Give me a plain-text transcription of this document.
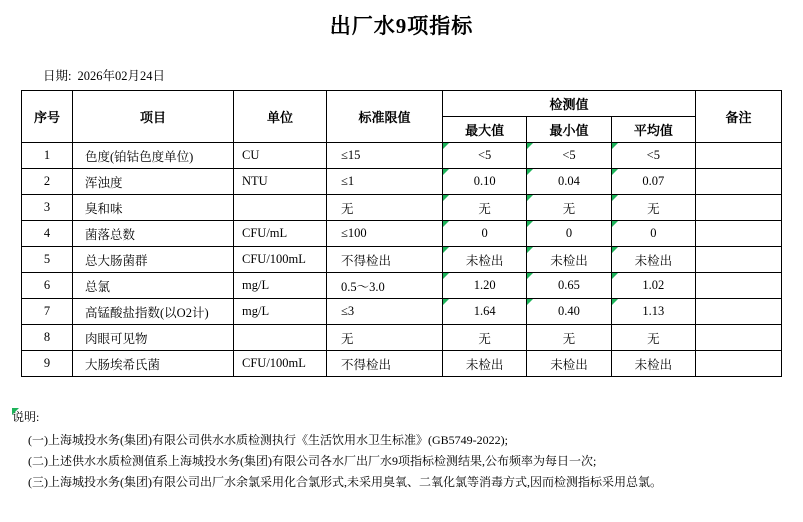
出厂水9项指标
日期: 2026年02月24日
序号	项目	单位	标准限值	检测值			备注
				最大值	最小值	平均值	
1	色度(铂钴色度单位)	CU	≤15	<5	<5	<5	
2	浑浊度	NTU	≤1	0.10	0.04	0.07	
3	臭和味		无	无	无	无	
4	菌落总数	CFU/mL	≤100	0	0	0	
5	总大肠菌群	CFU/100mL	不得检出	未检出	未检出	未检出	
6	总氯	mg/L	0.5～3.0	1.20	0.65	1.02	
7	高锰酸盐指数(以O2计)	mg/L	≤3	1.64	0.40	1.13	
8	肉眼可见物		无	无	无	无	
9	大肠埃希氏菌	CFU/100mL	不得检出	未检出	未检出	未检出	
说明:
(一)上海城投水务(集团)有限公司供水水质检测执行《生活饮用水卫生标准》(GB5749-2022);
(二)上述供水水质检测值系上海城投水务(集团)有限公司各水厂出厂水9项指标检测结果,公布频率为每日一次;
(三)上海城投水务(集团)有限公司出厂水余氯采用化合氯形式,未采用臭氧、二氧化氯等消毒方式,因而检测指标采用总氯。
